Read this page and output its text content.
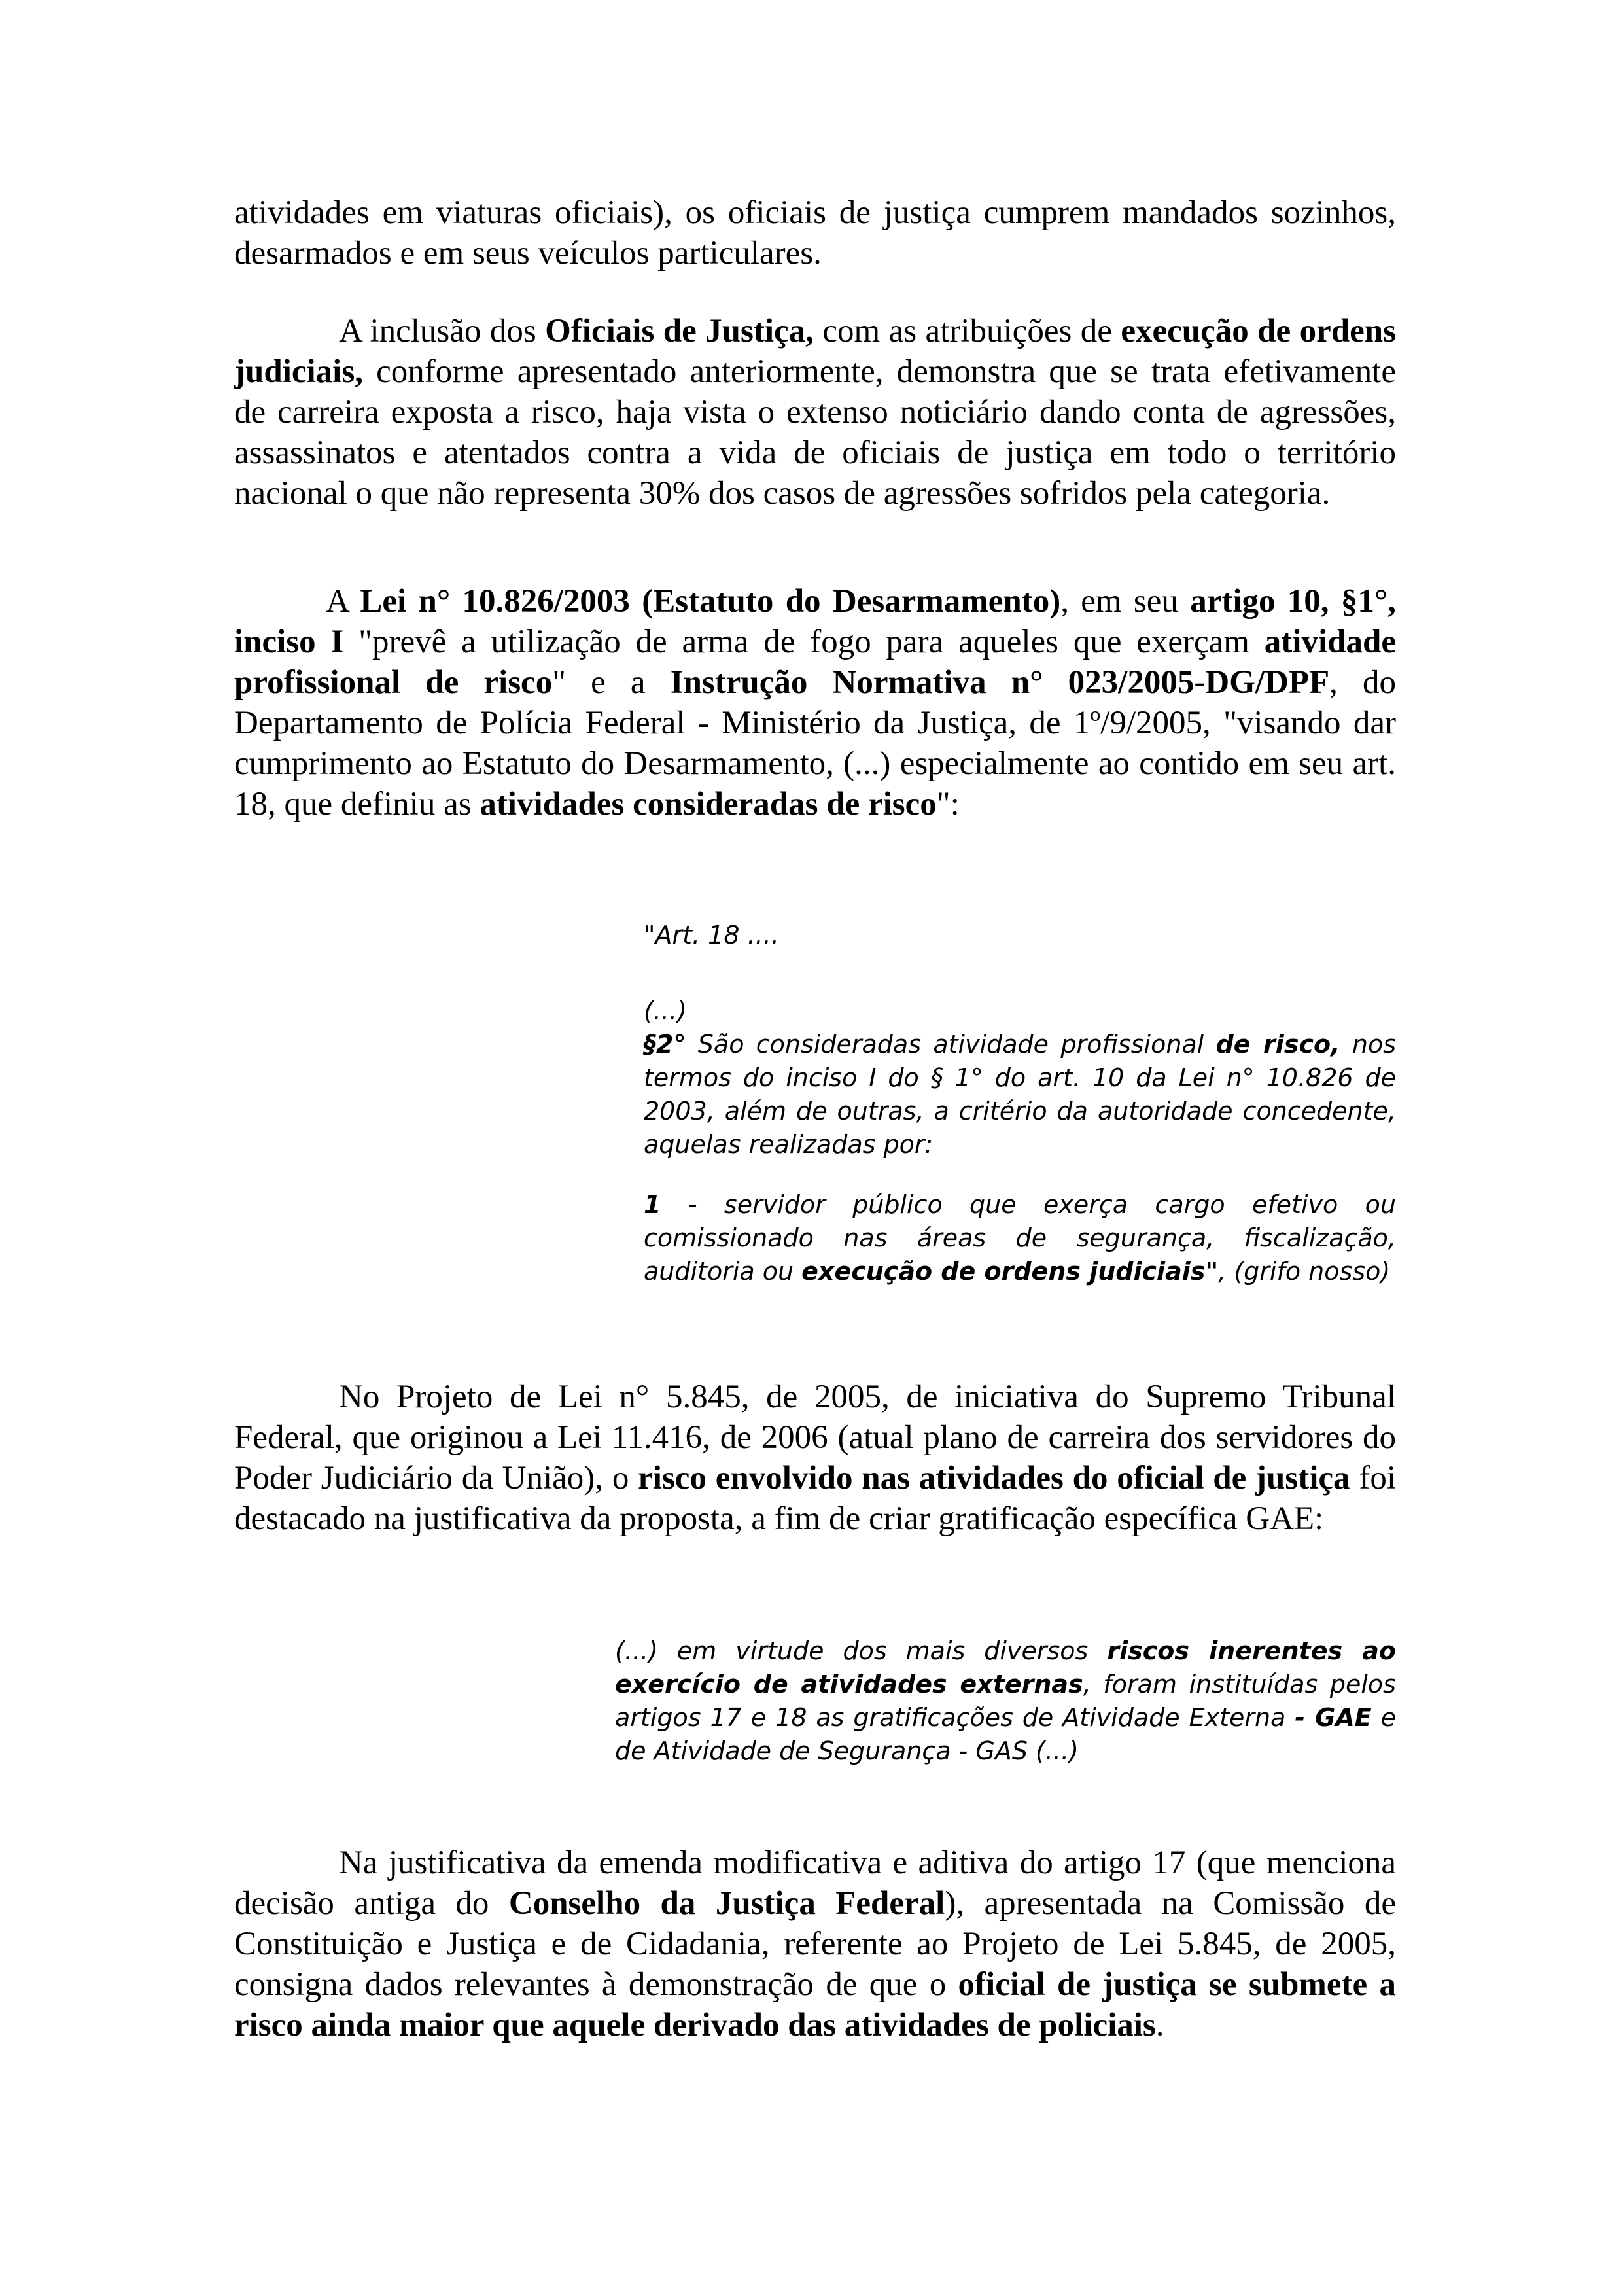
atividades em viaturas oficiais), os oficiais de justiça cumprem mandados sozinhos, desarmados e em seus veículos particulares.

A inclusão dos Oficiais de Justiça, com as atribuições de execução de ordens judiciais, conforme apresentado anteriormente, demonstra que se trata efetivamente de carreira exposta a risco, haja vista o extenso noticiário dando conta de agressões, assassinatos e atentados contra a vida de oficiais de justiça em todo o território nacional o que não representa 30% dos casos de agressões sofridos pela categoria.

A Lei n° 10.826/2003 (Estatuto do Desarmamento), em seu artigo 10, §1°, inciso I "prevê a utilização de arma de fogo para aqueles que exerçam atividade profissional de risco" e a Instrução Normativa n° 023/2005-DG/DPF, do Departamento de Polícia Federal - Ministério da Justiça, de 1º/9/2005, "visando dar cumprimento ao Estatuto do Desarmamento, (...) especialmente ao contido em seu art. 18, que definiu as atividades consideradas de risco":

"Art. 18 ....

(...)

§2° São consideradas atividade profissional de risco, nos termos do inciso I do § 1° do art. 10 da Lei n° 10.826 de 2003, além de outras, a critério da autoridade concedente, aquelas realizadas por:

1 - servidor público que exerça cargo efetivo ou comissionado nas áreas de segurança, fiscalização, auditoria ou execução de ordens judiciais", (grifo nosso)

No Projeto de Lei n° 5.845, de 2005, de iniciativa do Supremo Tribunal Federal, que originou a Lei 11.416, de 2006 (atual plano de carreira dos servidores do Poder Judiciário da União), o risco envolvido nas atividades do oficial de justiça foi destacado na justificativa da proposta, a fim de criar gratificação específica GAE:

(...) em virtude dos mais diversos riscos inerentes ao exercício de atividades externas, foram instituídas pelos artigos 17 e 18 as gratificações de Atividade Externa - GAE e de Atividade de Segurança - GAS (...)

Na justificativa da emenda modificativa e aditiva do artigo 17 (que menciona decisão antiga do Conselho da Justiça Federal), apresentada na Comissão de Constituição e Justiça e de Cidadania, referente ao Projeto de Lei 5.845, de 2005, consigna dados relevantes à demonstração de que o oficial de justiça se submete a risco ainda maior que aquele derivado das atividades de policiais.
